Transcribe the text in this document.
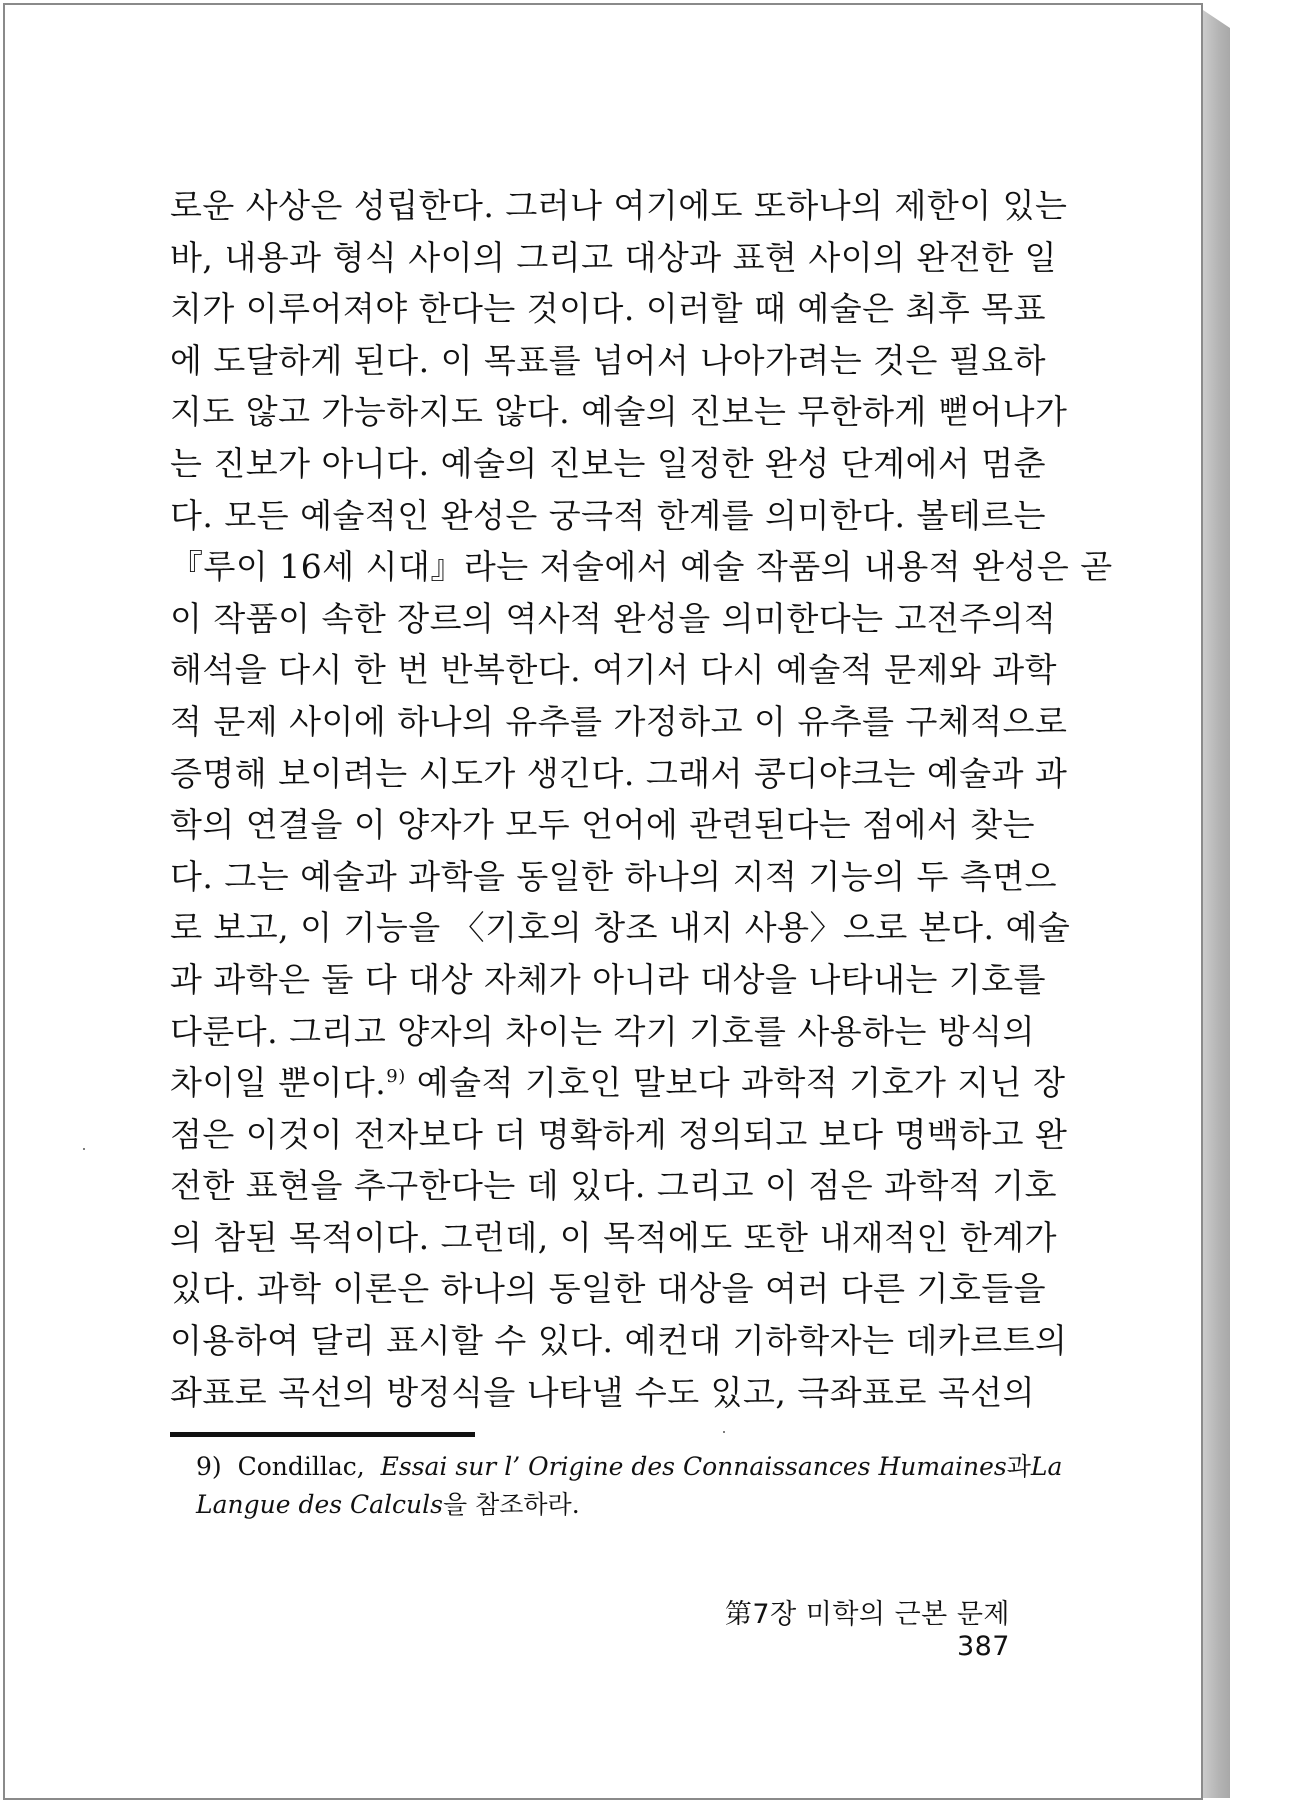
로운 사상은 성립한다. 그러나 여기에도 또하나의 제한이 있는
바, 내용과 형식 사이의 그리고 대상과 표현 사이의 완전한 일
치가 이루어져야 한다는 것이다. 이러할 때 예술은 최후 목표
에 도달하게 된다. 이 목표를 넘어서 나아가려는 것은 필요하
지도 않고 가능하지도 않다. 예술의 진보는 무한하게 뻗어나가
는 진보가 아니다. 예술의 진보는 일정한 완성 단계에서 멈춘
다. 모든 예술적인 완성은 궁극적 한계를 의미한다. 볼테르는
『루이 16세 시대』라는 저술에서 예술 작품의 내용적 완성은 곧
이 작품이 속한 장르의 역사적 완성을 의미한다는 고전주의적
해석을 다시 한 번 반복한다. 여기서 다시 예술적 문제와 과학
적 문제 사이에 하나의 유추를 가정하고 이 유추를 구체적으로
증명해 보이려는 시도가 생긴다. 그래서 콩디야크는 예술과 과
학의 연결을 이 양자가 모두 언어에 관련된다는 점에서 찾는
다. 그는 예술과 과학을 동일한 하나의 지적 기능의 두 측면으
로 보고, 이 기능을 〈기호의 창조 내지 사용〉으로 본다. 예술
과 과학은 둘 다 대상 자체가 아니라 대상을 나타내는 기호를
다룬다. 그리고 양자의 차이는 각기 기호를 사용하는 방식의
차이일 뿐이다.$^{9)}$ 예술적 기호인 말보다 과학적 기호가 지닌 장
점은 이것이 전자보다 더 명확하게 정의되고 보다 명백하고 완
전한 표현을 추구한다는 데 있다. 그리고 이 점은 과학적 기호
의 참된 목적이다. 그런데, 이 목적에도 또한 내재적인 한계가
있다. 과학 이론은 하나의 동일한 대상을 여러 다른 기호들을
이용하여 달리 표시할 수 있다. 예컨대 기하학자는 데카르트의
좌표로 곡선의 방정식을 나타낼 수도 있고, 극좌표로 곡선의
9) Condillac, Essai sur l’ Origine des Connaissances Humaines과 La
Langue des Calculs을 참조하라.
第7장 미학의 근본 문제387
